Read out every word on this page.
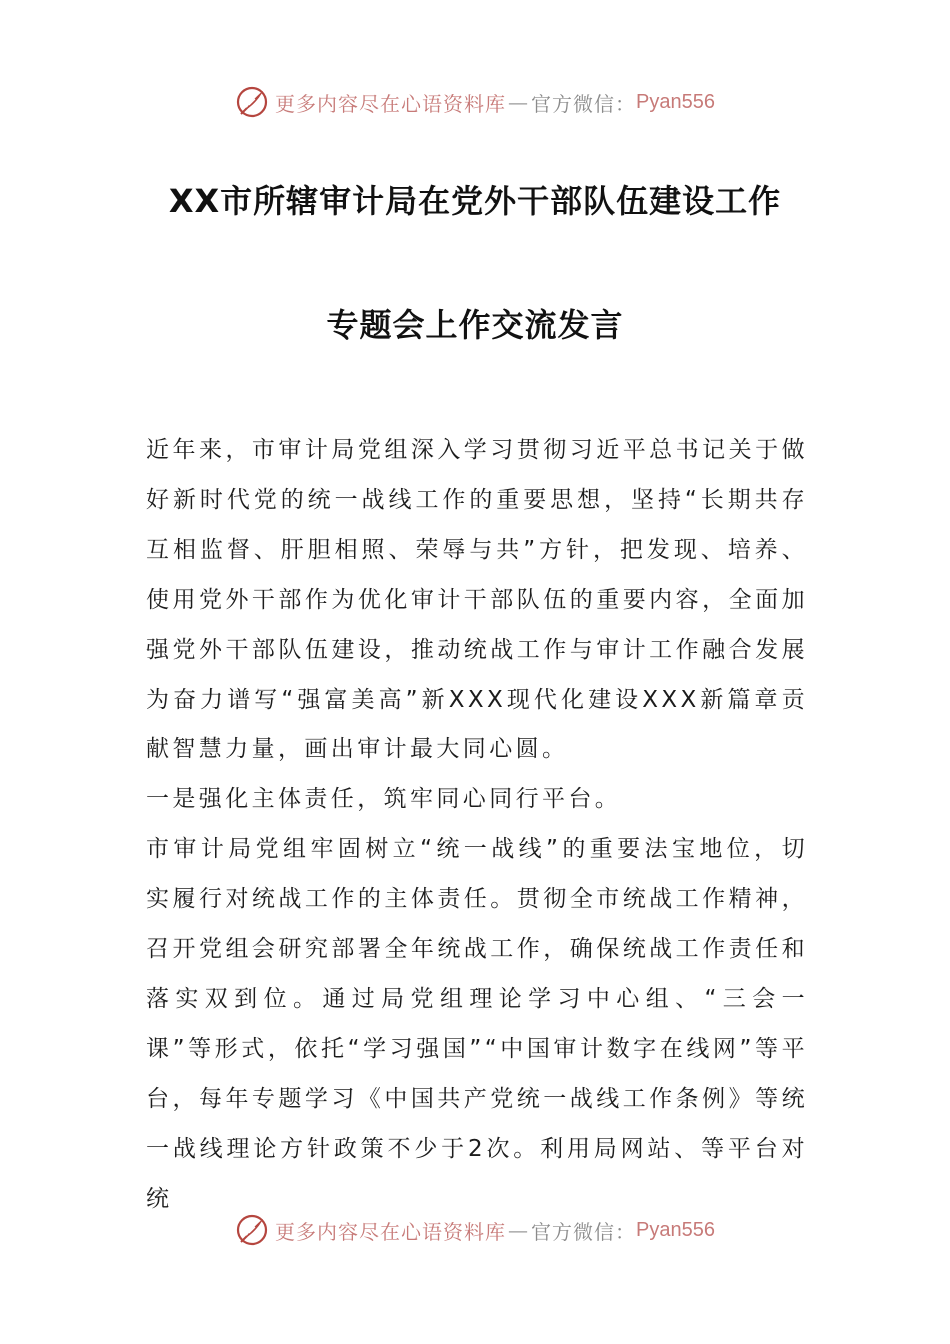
更多内容尽在心语资料库 — 官方微信： Pyan556
XX市所辖审计局在党外干部队伍建设工作
专题会上作交流发言

近年来，市审计局党组深入学习贯彻习近平总书记关于做好新时代党的统一战线工作的重要思想，坚持“长期共存互相监督、肝胆相照、荣辱与共”方针，把发现、培养、使用党外干部作为优化审计干部队伍的重要内容，全面加强党外干部队伍建设，推动统战工作与审计工作融合发展为奋力谱写“强富美高”新XXX现代化建设XXX新篇章贡献智慧力量，画出审计最大同心圆。

一是强化主体责任，筑牢同心同行平台。

市审计局党组牢固树立“统一战线”的重要法宝地位，切实履行对统战工作的主体责任。贯彻全市统战工作精神，召开党组会研究部署全年统战工作，确保统战工作责任和落实双到位。通过局党组理论学习中心组、“三会一课”等形式，依托“学习强国”“中国审计数字在线网”等平台，每年专题学习《中国共产党统一战线工作条例》等统一战线理论方针政策不少于2次。利用局网站、等平台对统

更多内容尽在心语资料库 — 官方微信： Pyan556
